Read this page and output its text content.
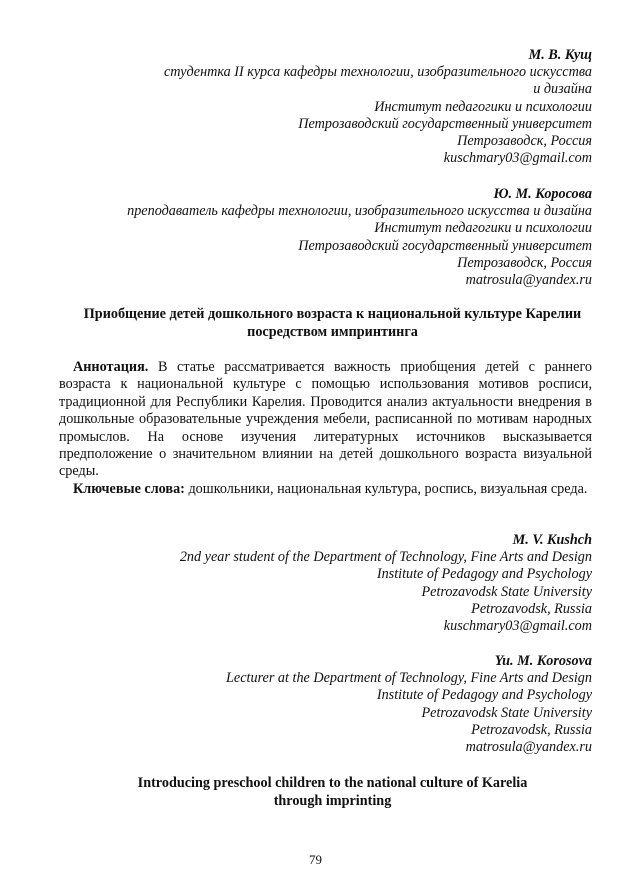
М. В. Кущ
студентка II курса кафедры технологии, изобразительного искусства
и дизайна
Институт педагогики и психологии
Петрозаводский государственный университет
Петрозаводск, Россия
kuschmary03@gmail.com
Ю. М. Коросова
преподаватель кафедры технологии, изобразительного искусства и дизайна
Институт педагогики и психологии
Петрозаводский государственный университет
Петрозаводск, Россия
matrosula@yandex.ru
Приобщение детей дошкольного возраста к национальной культуре Карелии
посредством импринтинга

Аннотация. В статье рассматривается важность приобщения детей с раннего возраста к национальной культуре с помощью использования мотивов росписи, традиционной для Республики Карелия. Проводится анализ актуальности внедрения в дошкольные образовательные учреждения мебели, расписанной по мотивам народных промыслов. На основе изучения литературных источников высказывается предположение о значительном влиянии на детей дошкольного возраста визуальной среды.

Ключевые слова: дошкольники, национальная культура, роспись, визуальная среда.

M. V. Kushch
2nd year student of the Department of Technology, Fine Arts and Design
Institute of Pedagogy and Psychology
Petrozavodsk State University
Petrozavodsk, Russia
kuschmary03@gmail.com
Yu. M. Korosova
Lecturer at the Department of Technology, Fine Arts and Design
Institute of Pedagogy and Psychology
Petrozavodsk State University
Petrozavodsk, Russia
matrosula@yandex.ru
Introducing preschool children to the national culture of Karelia
through imprinting
79
